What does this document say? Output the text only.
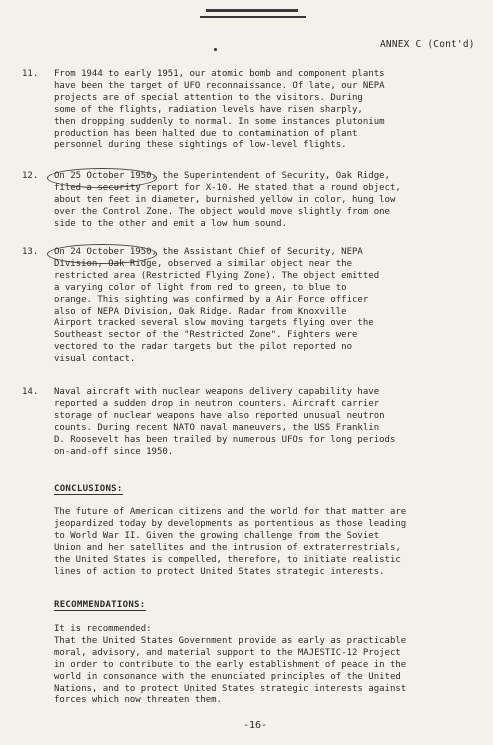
ANNEX C (Cont'd)
11. From 1944 to early 1951, our atomic bomb and component plants
have been the target of UFO reconnaissance. Of late, our NEPA
projects are of special attention to the visitors. During
some of the flights, radiation levels have risen sharply,
then dropping suddenly to normal. In some instances plutonium
production has been halted due to contamination of plant
personnel during these sightings of low-level flights.
12. On 25 October 1950, the Superintendent of Security, Oak Ridge,
filed a security report for X-10. He stated that a round object,
about ten feet in diameter, burnished yellow in color, hung low
over the Control Zone. The object would move slightly from one
side to the other and emit a low hum sound.
13. On 24 October 1950, the Assistant Chief of Security, NEPA
Division, Oak Ridge, observed a similar object near the
restricted area (Restricted Flying Zone). The object emitted
a varying color of light from red to green, to blue to
orange. This sighting was confirmed by a Air Force officer
also of NEPA Division, Oak Ridge. Radar from Knoxville
Airport tracked several slow moving targets flying over the
Southeast sector of the "Restricted Zone". Fighters were
vectored to the radar targets but the pilot reported no
visual contact.
14. Naval aircraft with nuclear weapons delivery capability have
reported a sudden drop in neutron counters. Aircraft carrier
storage of nuclear weapons have also reported unusual neutron
counts. During recent NATO naval maneuvers, the USS Franklin
D. Roosevelt has been trailed by numerous UFOs for long periods
on-and-off since 1950.
CONCLUSIONS:
The future of American citizens and the world for that matter are
jeopardized today by developments as portentious as those leading
to World War II. Given the growing challenge from the Soviet
Union and her satellites and the intrusion of extraterrestrials,
the United States is compelled, therefore, to initiate realistic
lines of action to protect United States strategic interests.
RECOMMENDATIONS:
It is recommended:
That the United States Government provide as early as practicable
moral, advisory, and material support to the MAJESTIC-12 Project
in order to contribute to the early establishment of peace in the
world in consonance with the enunciated principles of the United
Nations, and to protect United States strategic interests against
forces which now threaten them.
-16-
